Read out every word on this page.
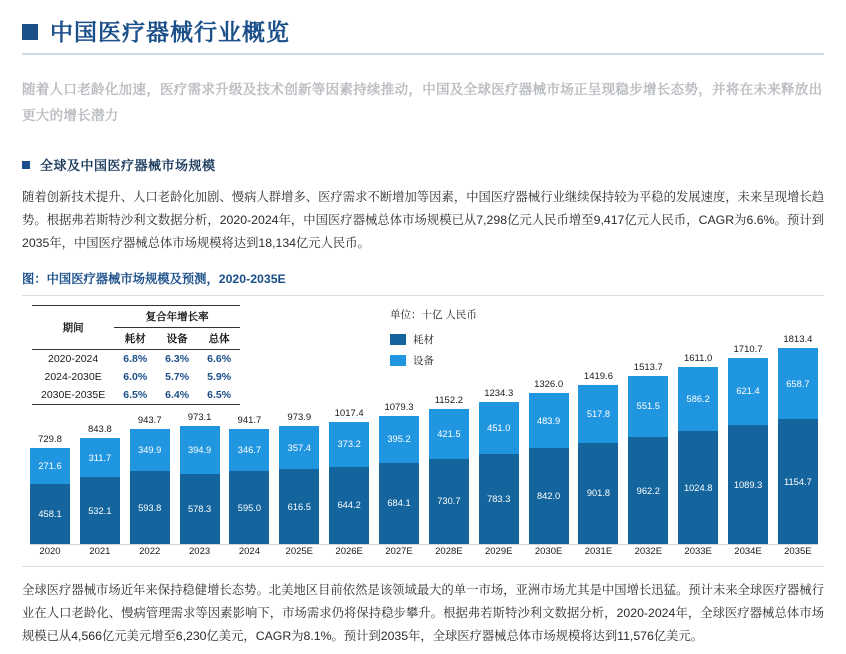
中国医疗器械行业概览
随着人口老龄化加速，医疗需求升级及技术创新等因素持续推动，中国及全球医疗器械市场正呈现稳步增长态势，并将在未来释放出更大的增长潜力
全球及中国医疗器械市场规模
随着创新技术提升、人口老龄化加剧、慢病人群增多、医疗需求不断增加等因素，中国医疗器械行业继续保持较为平稳的发展速度，未来呈现增长趋势。根据弗若斯特沙利文数据分析，2020-2024年，中国医疗器械总体市场规模已从7,298亿元人民币增至9,417亿元人民币，CAGR为6.6%。预计到2035年，中国医疗器械总体市场规模将达到18,134亿元人民币。
图：中国医疗器械市场规模及预测，2020-2035E
期间	复合年增长率		
	耗材	设备	总体
2020-2024	6.8%	6.3%	6.6%
2024-2030E	6.0%	5.7%	5.9%
2030E-2035E	6.5%	6.4%	6.5%
单位：十亿 人民币
耗材
设备
729.8
271.6
458.1
843.8
311.7
532.1
943.7
349.9
593.8
973.1
394.9
578.3
941.7
346.7
595.0
973.9
357.4
616.5
1017.4
373.2
644.2
1079.3
395.2
684.1
1152.2
421.5
730.7
1234.3
451.0
783.3
1326.0
483.9
842.0
1419.6
517.8
901.8
1513.7
551.5
962.2
1611.0
586.2
1024.8
1710.7
621.4
1089.3
1813.4
658.7
1154.7
2020	2021	2022	2023	2024	2025E	2026E	2027E	2028E	2029E	2030E	2031E	2032E	2033E	2034E	2035E
全球医疗器械市场近年来保持稳健增长态势。北美地区目前依然是该领域最大的单一市场，亚洲市场尤其是中国增长迅猛。预计未来全球医疗器械行业在人口老龄化、慢病管理需求等因素影响下，市场需求仍将保持稳步攀升。根据弗若斯特沙利文数据分析，2020-2024年，全球医疗器械总体市场规模已从4,566亿元美元增至6,230亿美元，CAGR为8.1%。预计到2035年，全球医疗器械总体市场规模将达到11,576亿美元。
